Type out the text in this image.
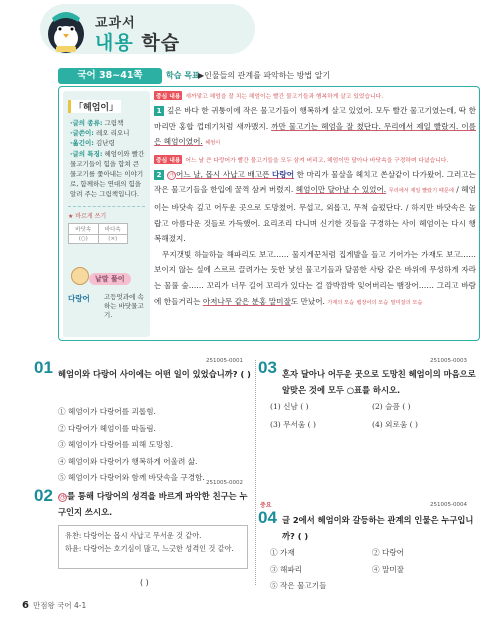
교과서
내용 학습
국어 38~41쪽	학습 목표
▶인물들의 관계를 파악하는 방법 알기
「헤엄이」
·글의 종류: 그림책
·글쓴이: 레오 리오니
·옮긴이: 김난령
·글의 특징: 헤엄이와 빨간 물고기들이 힘을 합쳐 큰 물고기를 쫓아내는 이야기로, 함께하는 연대의 힘을 알려 주는 그림책입니다.
★ 바르게 쓰기
바닷속	바다속
(○)	(×)
낱말 풀이
다랑어 고등엇과에 속하는 바닷물고기.
중심 내용 새까맣고 헤엄을 잘 치는 헤엄이는 빨간 물고기들과 행복하게 살고 있었습니다.
1 깊은 바다 한 귀퉁이에 작은 물고기들이 행복하게 살고 있었어. 모두 빨간 물고기였는데, 딱 한 마리만 홍합 껍데기처럼 새까맸지. 까만 물고기는 헤엄을 잘 쳤단다. 무리에서 제일 빨랐지. 이름은 헤엄이였어. 헤엄이
중심 내용 어느 날 큰 다랑어가 빨간 물고기들을 모두 삼켜 버리고, 헤엄이만 달아나 바닷속을 구경하며 다녔습니다.
2 ㉮ 어느 날, 몹시 사납고 배고픈 다랑어 한 마리가 물살을 헤치고 쏜살같이 다가왔어. 그러고는 작은 물고기들을 한입에 꿀꺽 삼켜 버렸지. 헤엄이만 달아날 수 있었어. 무리에서 제일 빨랐기 때문에 / 헤엄이는 바닷속 깊고 어두운 곳으로 도망쳤어. 무섭고, 외롭고, 무척 슬펐단다. / 하지만 바닷속은 놀랍고 아름다운 것들로 가득했어. 요리조리 다니며 신기한 것들을 구경하는 사이 헤엄이는 다시 행복해졌지.
무지갯빛 하늘하늘 해파리도 보고…… 물지게꾼처럼 집게발을 들고 기어가는 가재도 보고…… 보이지 않는 실에 스르르 끌려가는 듯한 낯선 물고기들과 달콤한 사탕 같은 바위에 무성하게 자라는 물풀 숲…… 꼬리가 너무 길어 꼬리가 있다는 걸 깜박깜박 잊어버리는 뱀장어…… 그리고 바람에 한들거리는 아저나무 같은 분홍 말미잘도 만났어. 가재의 모습 뱀장어의 모습 말미잘의 모습
01	251005-0001
헤엄이와 다랑어 사이에는 어떤 일이 있었습니까? ( )
① 헤엄이가 다랑어를 괴롭힘.
② 다랑어가 헤엄이를 따돌림.
③ 헤엄이가 다랑어를 피해 도망침.
④ 헤엄이와 다랑어가 행복하게 어울려 삶.
⑤ 헤엄이가 다랑어와 함께 바닷속을 구경함.
251005-0002
02 ㉮ 를 통해 다랑어의 성격을 바르게 파악한 친구는 누구인지 쓰시오.
유찬: 다랑어는 몹시 사납고 무서운 것 같아.
하윤: 다랑어는 호기심이 많고, 느긋한 성격인 것 같아.
( )
03	251005-0003
혼자 달아나 어두운 곳으로 도망친 헤엄이의 마음으로 알맞은 것에 모두 ○표를 하시오.
(1) 신남 ( )	(2) 슬픔 ( )
(3) 무서움 ( )	(4) 외로움 ( )
중요
04
251005-0004
글 2에서 헤엄이와 갈등하는 관계의 인물은 누구입니까? ( )
① 가재	② 다랑어
③ 해파리	④ 말미잘
⑤ 작은 물고기들
6 만점왕 국어 4-1
